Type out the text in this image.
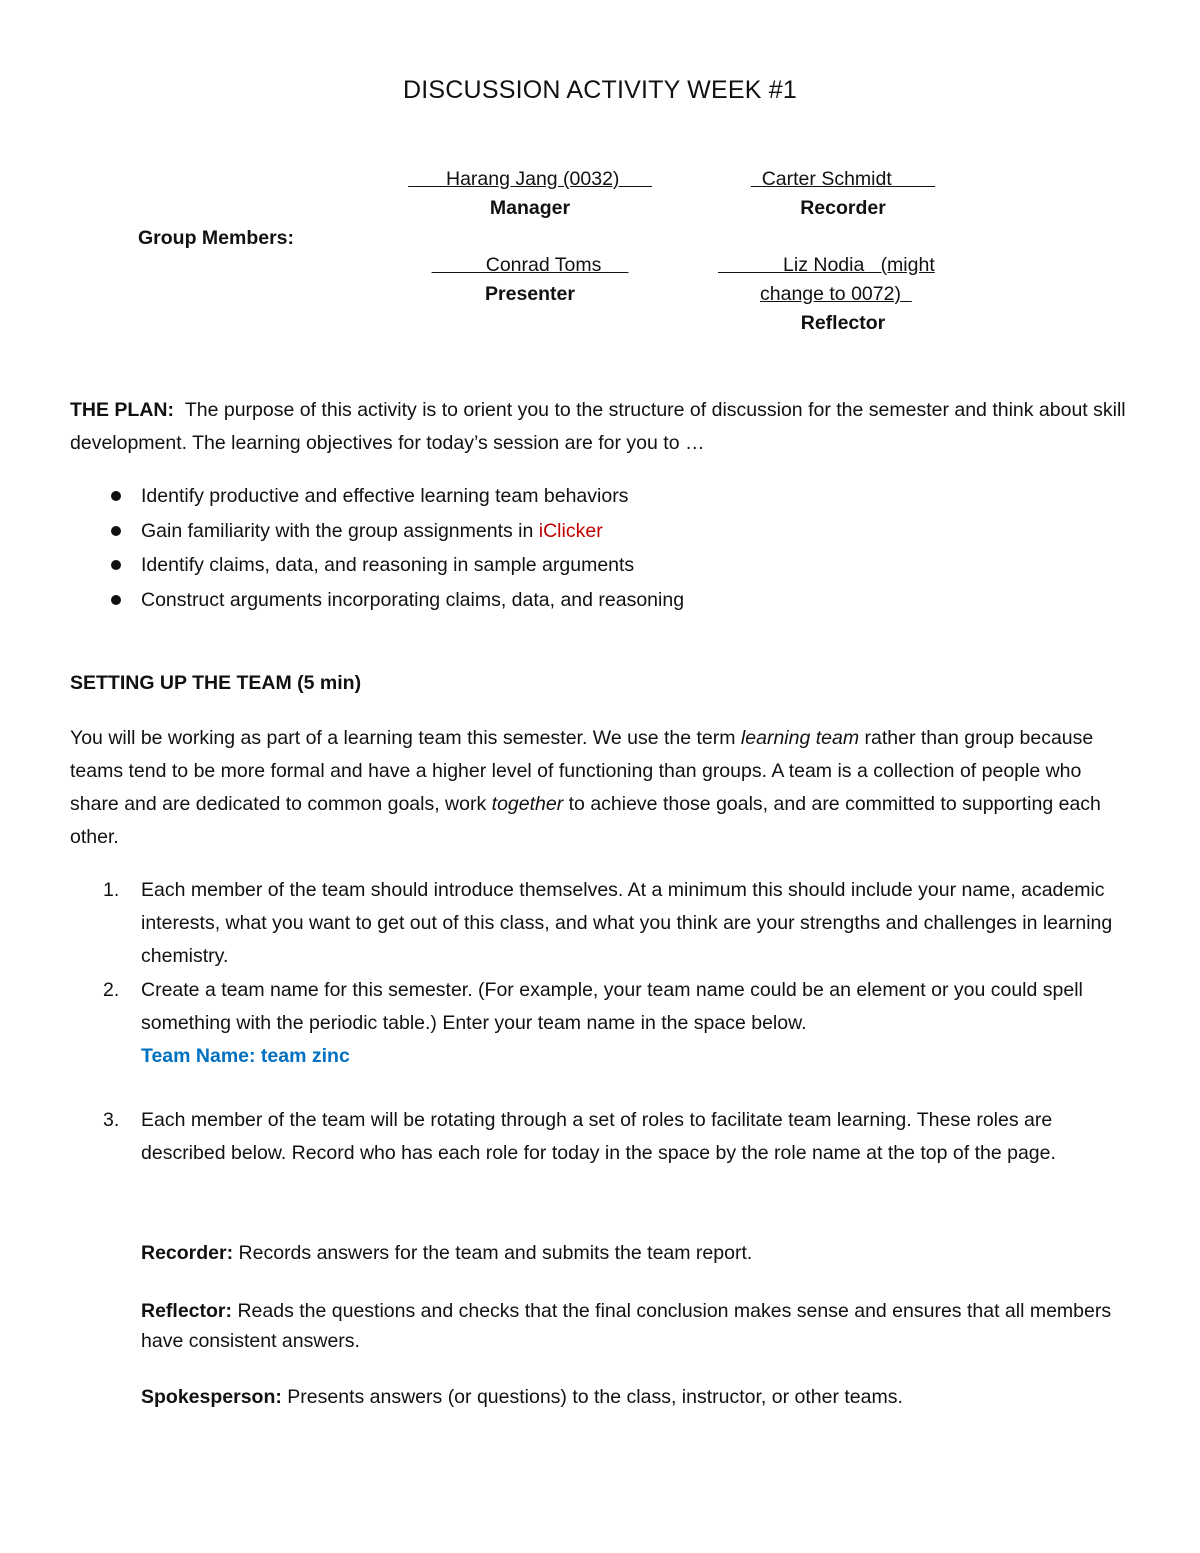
DISCUSSION ACTIVITY WEEK #1
Group Members:
Harang Jang (0032)
Manager
Carter Schmidt
Recorder
Conrad Toms
Presenter
Liz Nodia   (might
change to 0072)
Reflector
THE PLAN: The purpose of this activity is to orient you to the structure of discussion for the semester and think about skill development. The learning objectives for today’s session are for you to …
Identify productive and effective learning team behaviors
Gain familiarity with the group assignments in iClicker
Identify claims, data, and reasoning in sample arguments
Construct arguments incorporating claims, data, and reasoning
SETTING UP THE TEAM (5 min)
You will be working as part of a learning team this semester. We use the term learning team rather than group because teams tend to be more formal and have a higher level of functioning than groups. A team is a collection of people who share and are dedicated to common goals, work together to achieve those goals, and are committed to supporting each other.
1. Each member of the team should introduce themselves. At a minimum this should include your name, academic interests, what you want to get out of this class, and what you think are your strengths and challenges in learning chemistry.
2. Create a team name for this semester. (For example, your team name could be an element or you could spell something with the periodic table.) Enter your team name in the space below.
Team Name: team zinc
3. Each member of the team will be rotating through a set of roles to facilitate team learning. These roles are described below. Record who has each role for today in the space by the role name at the top of the page.
Recorder: Records answers for the team and submits the team report.
Reflector: Reads the questions and checks that the final conclusion makes sense and ensures that all members have consistent answers.
Spokesperson: Presents answers (or questions) to the class, instructor, or other teams.
